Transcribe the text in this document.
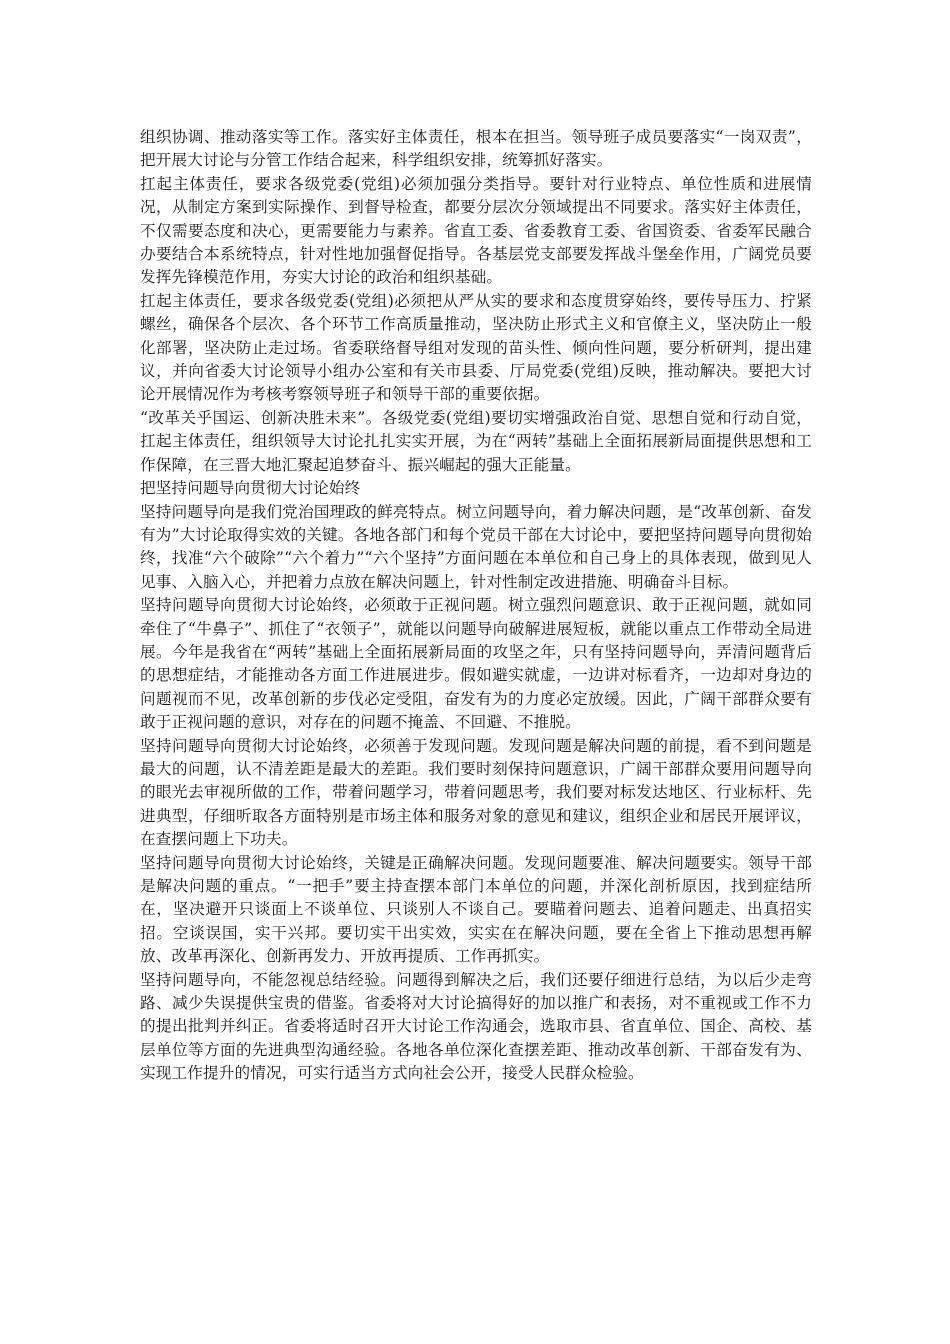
组织协调、推动落实等工作。落实好主体责任，根本在担当。领导班子成员要落实“一岗双责”，把开展大讨论与分管工作结合起来，科学组织安排，统筹抓好落实。

扛起主体责任，要求各级党委(党组)必须加强分类指导。要针对行业特点、单位性质和进展情况，从制定方案到实际操作、到督导检查，都要分层次分领域提出不同要求。落实好主体责任，不仅需要态度和决心，更需要能力与素养。省直工委、省委教育工委、省国资委、省委军民融合办要结合本系统特点，针对性地加强督促指导。各基层党支部要发挥战斗堡垒作用，广阔党员要发挥先锋模范作用，夯实大讨论的政治和组织基础。

扛起主体责任，要求各级党委(党组)必须把从严从实的要求和态度贯穿始终，要传导压力、拧紧螺丝，确保各个层次、各个环节工作高质量推动，坚决防止形式主义和官僚主义，坚决防止一般化部署，坚决防止走过场。省委联络督导组对发现的苗头性、倾向性问题，要分析研判，提出建议，并向省委大讨论领导小组办公室和有关市县委、厅局党委(党组)反映，推动解决。要把大讨论开展情况作为考核考察领导班子和领导干部的重要依据。

“改革关乎国运、创新决胜未来”。各级党委(党组)要切实增强政治自觉、思想自觉和行动自觉，扛起主体责任，组织领导大讨论扎扎实实开展，为在“两转”基础上全面拓展新局面提供思想和工作保障，在三晋大地汇聚起追梦奋斗、振兴崛起的强大正能量。

把坚持问题导向贯彻大讨论始终

坚持问题导向是我们党治国理政的鲜亮特点。树立问题导向，着力解决问题，是“改革创新、奋发有为”大讨论取得实效的关键。各地各部门和每个党员干部在大讨论中，要把坚持问题导向贯彻始终，找准“六个破除”“六个着力”“六个坚持”方面问题在本单位和自己身上的具体表现，做到见人见事、入脑入心，并把着力点放在解决问题上，针对性制定改进措施、明确奋斗目标。

坚持问题导向贯彻大讨论始终，必须敢于正视问题。树立强烈问题意识、敢于正视问题，就如同牵住了“牛鼻子”、抓住了“衣领子”，就能以问题导向破解进展短板，就能以重点工作带动全局进展。今年是我省在“两转”基础上全面拓展新局面的攻坚之年，只有坚持问题导向，弄清问题背后的思想症结，才能推动各方面工作进展进步。假如避实就虚，一边讲对标看齐，一边却对身边的问题视而不见，改革创新的步伐必定受阻，奋发有为的力度必定放缓。因此，广阔干部群众要有敢于正视问题的意识，对存在的问题不掩盖、不回避、不推脱。

坚持问题导向贯彻大讨论始终，必须善于发现问题。发现问题是解决问题的前提，看不到问题是最大的问题，认不清差距是最大的差距。我们要时刻保持问题意识，广阔干部群众要用问题导向的眼光去审视所做的工作，带着问题学习，带着问题思考，我们要对标发达地区、行业标杆、先进典型，仔细听取各方面特别是市场主体和服务对象的意见和建议，组织企业和居民开展评议，在查摆问题上下功夫。

坚持问题导向贯彻大讨论始终，关键是正确解决问题。发现问题要准、解决问题要实。领导干部是解决问题的重点。“一把手”要主持查摆本部门本单位的问题，并深化剖析原因，找到症结所在，坚决避开只谈面上不谈单位、只谈别人不谈自己。要瞄着问题去、追着问题走、出真招实招。空谈误国，实干兴邦。要切实干出实效，实实在在解决问题，要在全省上下推动思想再解放、改革再深化、创新再发力、开放再提质、工作再抓实。

坚持问题导向，不能忽视总结经验。问题得到解决之后，我们还要仔细进行总结，为以后少走弯路、减少失误提供宝贵的借鉴。省委将对大讨论搞得好的加以推广和表扬，对不重视或工作不力的提出批判并纠正。省委将适时召开大讨论工作沟通会，选取市县、省直单位、国企、高校、基层单位等方面的先进典型沟通经验。各地各单位深化查摆差距、推动改革创新、干部奋发有为、实现工作提升的情况，可实行适当方式向社会公开，接受人民群众检验。
